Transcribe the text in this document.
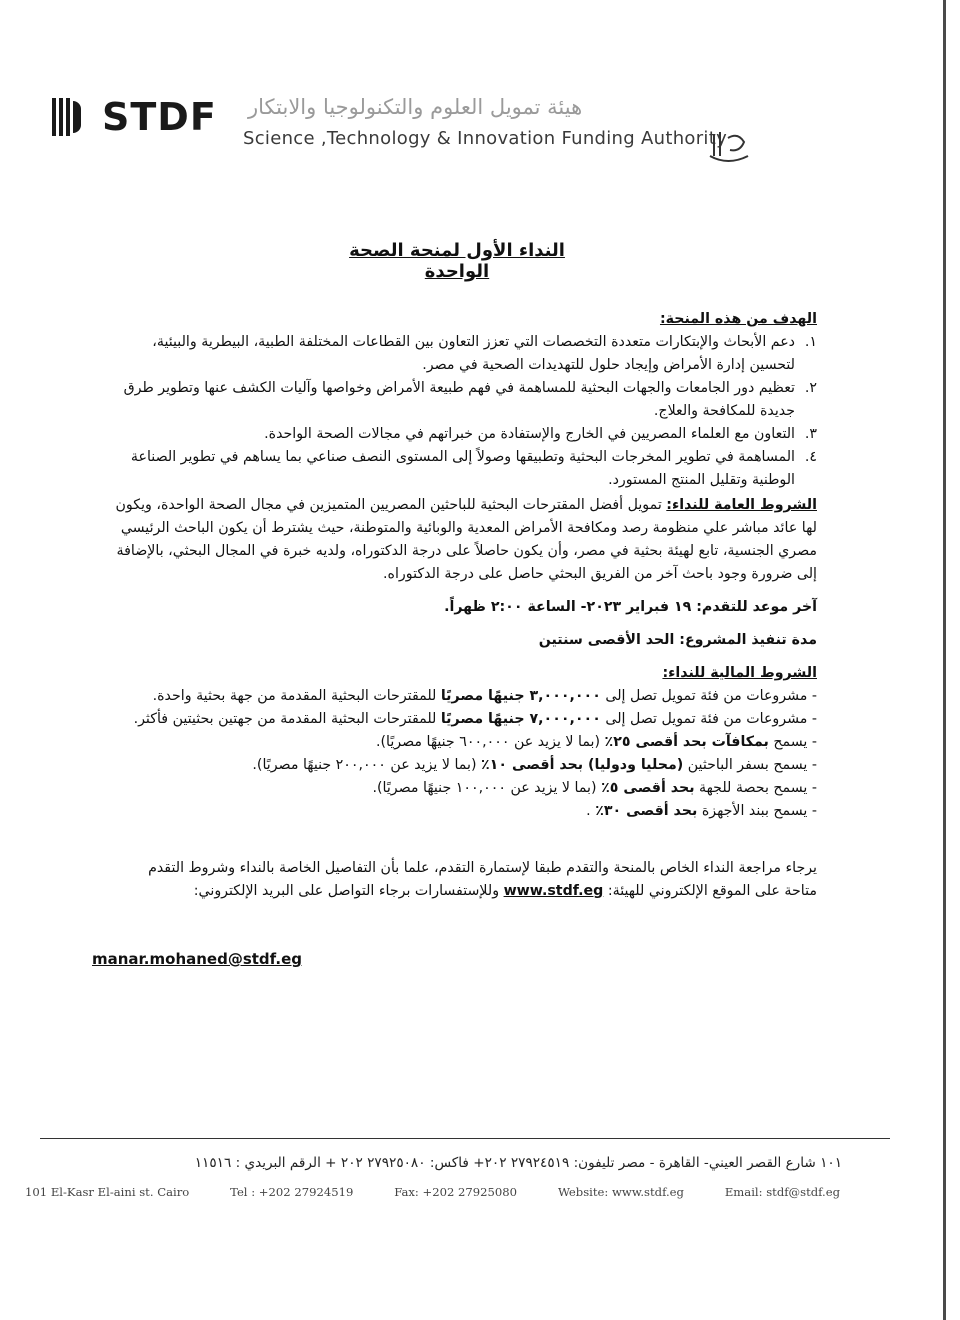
STDF هيئة تمويل العلوم والتكنولوجيا والابتكار
Science ,Technology & Innovation Funding Authority
النداء الأول لمنحة الصحة الواحدة

الهدف من هذه المنحة:

١.
دعم الأبحاث والإبتكارات متعددة التخصصات التي تعزز التعاون بين القطاعات المختلفة الطبية، البيطرية والبيئية، لتحسين إدارة الأمراض وإيجاد حلول للتهديدات الصحية في مصر.
٢.
تعظيم دور الجامعات والجهات البحثية للمساهمة في فهم طبيعة الأمراض وخواصها وآليات الكشف عنها وتطوير طرق جديدة للمكافحة والعلاج.
٣.
التعاون مع العلماء المصريين في الخارج والإستفادة من خبراتهم في مجالات الصحة الواحدة.
٤.
المساهمة في تطوير المخرجات البحثية وتطبيقها وصولاً إلى المستوى النصف صناعي بما يساهم في تطوير الصناعة الوطنية وتقليل المنتج المستورد.

الشروط العامة للنداء: تمويل أفضل المقترحات البحثية للباحثين المصريين المتميزين في مجال الصحة الواحدة، ويكون لها عائد مباشر علي منظومة رصد ومكافحة الأمراض المعدية والوبائية والمتوطنة، حيث يشترط أن يكون الباحث الرئيسي مصري الجنسية، تابع لهيئة بحثية في مصر، وأن يكون حاصلاً على درجة الدكتوراه، ولديه خبرة في المجال البحثي، بالإضافة إلى ضرورة وجود باحث آخر من الفريق البحثي حاصل على درجة الدكتوراه.

آخر موعد للتقدم: ١٩ فبراير ٢٠٢٣- الساعة ٢:٠٠ ظهراً.

مدة تنفيذ المشروع: الحد الأقصى سنتين

الشروط المالية للنداء:

- مشروعات من فئة تمويل تصل إلى ٣,٠٠٠,٠٠٠ جنيهًا مصريًا للمقترحات البحثية المقدمة من جهة بحثية واحدة.

- مشروعات من فئة تمويل تصل إلى ٧,٠٠٠,٠٠٠ جنيهًا مصريًا للمقترحات البحثية المقدمة من جهتين بحثيتين فأكثر.

- يسمح بمكافآت بحد أقصى ٢٥٪ (بما لا يزيد عن ٦٠٠,٠٠٠ جنيهًا مصريًا).

- يسمح بسفر الباحثين (محليا ودوليا) بحد أقصى ١٠٪ (بما لا يزيد عن ٢٠٠,٠٠٠ جنيهًا مصريًا).

- يسمح بحصة للجهة بحد أقصى ٥٪ (بما لا يزيد عن ١٠٠,٠٠٠ جنيهًا مصريًا).

- يسمح ببند الأجهزة بحد أقصى ٣٠٪ .

يرجاء مراجعة النداء الخاص بالمنحة والتقدم طبقا لإستمارة التقدم، علما بأن التفاصيل الخاصة بالنداء وشروط التقدم

متاحة على الموقع الإلكتروني للهيئة: www.stdf.eg وللإستفسارات برجاء التواصل على البريد الإلكتروني:

manar.mohaned@stdf.eg
١٠١ شارع القصر العيني- القاهرة - مصر تليفون: ٢٧٩٢٤٥١٩ ٢٠٢+ فاكس: ٢٧٩٢٥٠٨٠ ٢٠٢ + الرقم البريدي : ١١٥١٦
101 El-Kasr El-aini st. Cairo	Tel : +202 27924519	Fax: +202 27925080	Website: www.stdf.eg	Email: stdf@stdf.eg
